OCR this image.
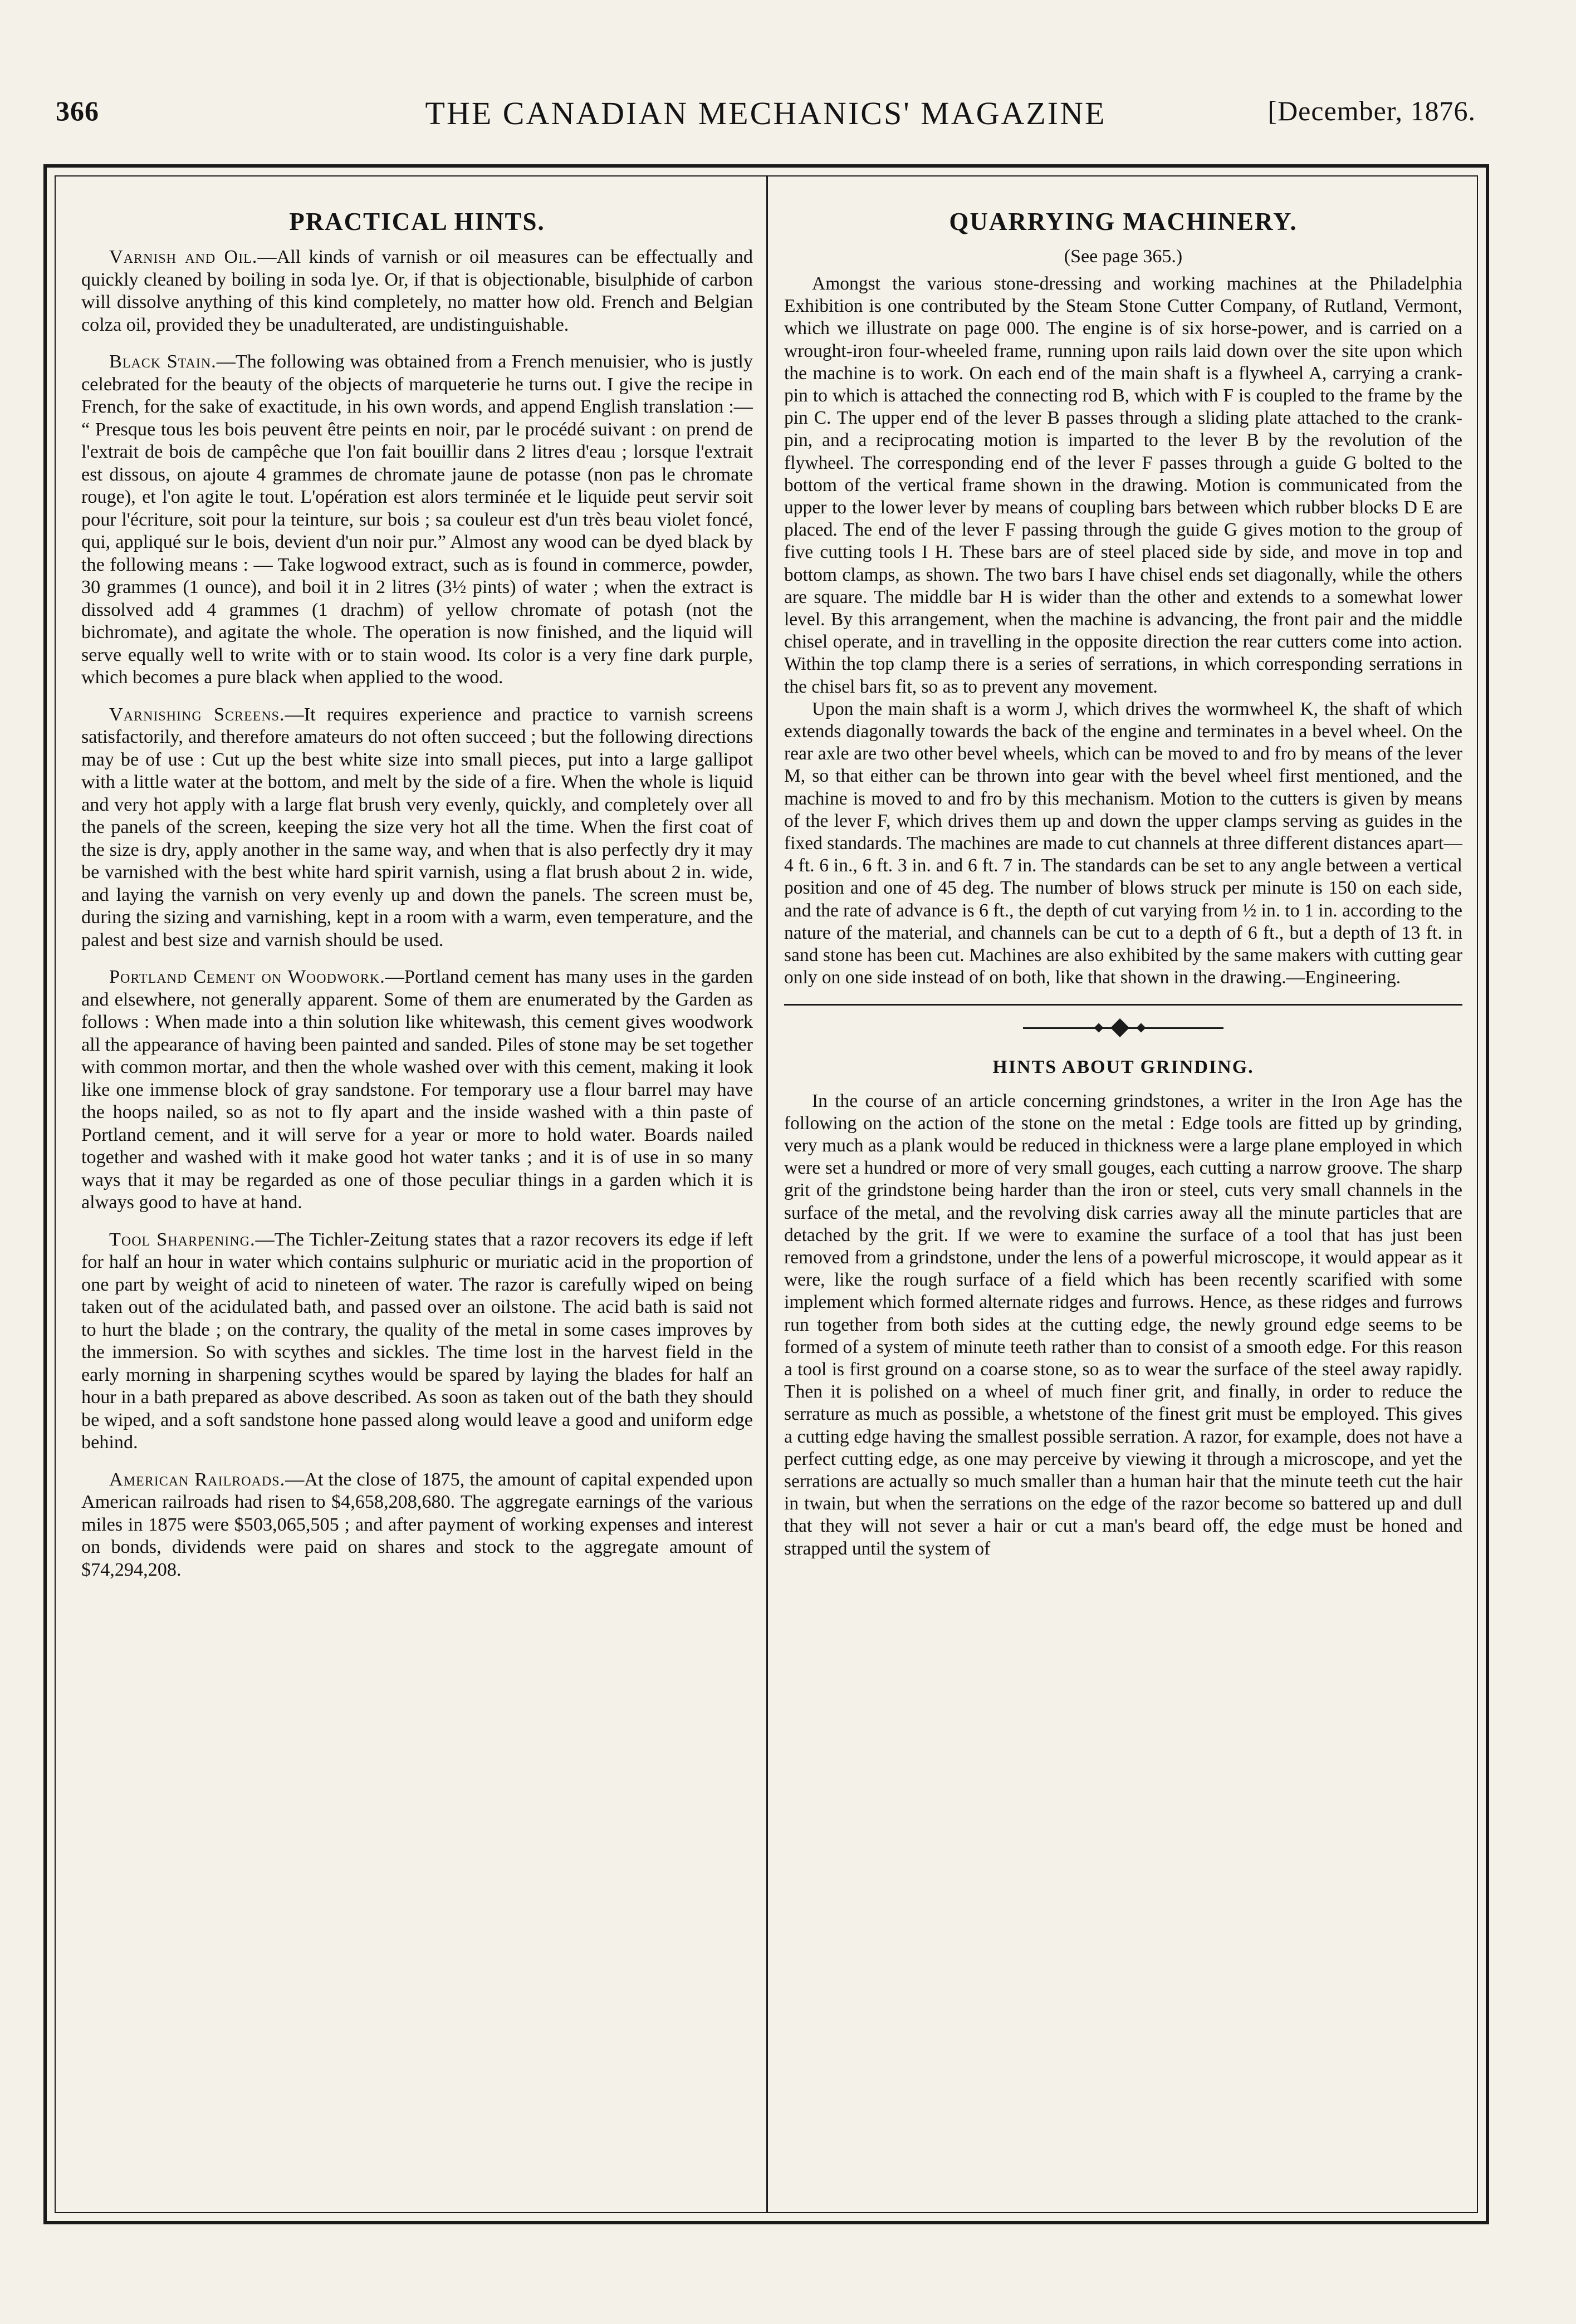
366	THE CANADIAN MECHANICS' MAGAZINE	[December, 1876.
PRACTICAL HINTS.

Varnish and Oil.—All kinds of varnish or oil measures can be effectually and quickly cleaned by boiling in soda lye. Or, if that is objectionable, bisulphide of carbon will dissolve anything of this kind completely, no matter how old. French and Belgian colza oil, provided they be unadulterated, are undistinguishable.

Black Stain.—The following was obtained from a French menuisier, who is justly celebrated for the beauty of the objects of marqueterie he turns out. I give the recipe in French, for the sake of exactitude, in his own words, and append English translation :— “ Presque tous les bois peuvent être peints en noir, par le procédé suivant : on prend de l'extrait de bois de campêche que l'on fait bouillir dans 2 litres d'eau ; lorsque l'extrait est dissous, on ajoute 4 grammes de chromate jaune de potasse (non pas le chromate rouge), et l'on agite le tout. L'opération est alors terminée et le liquide peut servir soit pour l'écriture, soit pour la teinture, sur bois ; sa couleur est d'un très beau violet foncé, qui, appliqué sur le bois, devient d'un noir pur.” Almost any wood can be dyed black by the following means : — Take logwood extract, such as is found in commerce, powder, 30 grammes (1 ounce), and boil it in 2 litres (3½ pints) of water ; when the extract is dissolved add 4 grammes (1 drachm) of yellow chromate of potash (not the bichromate), and agitate the whole. The operation is now finished, and the liquid will serve equally well to write with or to stain wood. Its color is a very fine dark purple, which becomes a pure black when applied to the wood.

Varnishing Screens.—It requires experience and practice to varnish screens satisfactorily, and therefore amateurs do not often succeed ; but the following directions may be of use : Cut up the best white size into small pieces, put into a large gallipot with a little water at the bottom, and melt by the side of a fire. When the whole is liquid and very hot apply with a large flat brush very evenly, quickly, and completely over all the panels of the screen, keeping the size very hot all the time. When the first coat of the size is dry, apply another in the same way, and when that is also perfectly dry it may be varnished with the best white hard spirit varnish, using a flat brush about 2 in. wide, and laying the varnish on very evenly up and down the panels. The screen must be, during the sizing and varnishing, kept in a room with a warm, even temperature, and the palest and best size and varnish should be used.

Portland Cement on Woodwork.—Portland cement has many uses in the garden and elsewhere, not generally apparent. Some of them are enumerated by the Garden as follows : When made into a thin solution like whitewash, this cement gives woodwork all the appearance of having been painted and sanded. Piles of stone may be set together with common mortar, and then the whole washed over with this cement, making it look like one immense block of gray sandstone. For temporary use a flour barrel may have the hoops nailed, so as not to fly apart and the inside washed with a thin paste of Portland cement, and it will serve for a year or more to hold water. Boards nailed together and washed with it make good hot water tanks ; and it is of use in so many ways that it may be regarded as one of those peculiar things in a garden which it is always good to have at hand.

Tool Sharpening.—The Tichler-Zeitung states that a razor recovers its edge if left for half an hour in water which contains sulphuric or muriatic acid in the proportion of one part by weight of acid to nineteen of water. The razor is carefully wiped on being taken out of the acidulated bath, and passed over an oilstone. The acid bath is said not to hurt the blade ; on the contrary, the quality of the metal in some cases improves by the immersion. So with scythes and sickles. The time lost in the harvest field in the early morning in sharpening scythes would be spared by laying the blades for half an hour in a bath prepared as above described. As soon as taken out of the bath they should be wiped, and a soft sandstone hone passed along would leave a good and uniform edge behind.

American Railroads.—At the close of 1875, the amount of capital expended upon American railroads had risen to $4,658,208,680. The aggregate earnings of the various miles in 1875 were $503,065,505 ; and after payment of working expenses and interest on bonds, dividends were paid on shares and stock to the aggregate amount of $74,294,208.

QUARRYING MACHINERY.
(See page 365.)

Amongst the various stone-dressing and working machines at the Philadelphia Exhibition is one contributed by the Steam Stone Cutter Company, of Rutland, Vermont, which we illustrate on page 000. The engine is of six horse-power, and is carried on a wrought-iron four-wheeled frame, running upon rails laid down over the site upon which the machine is to work. On each end of the main shaft is a flywheel A, carrying a crank-pin to which is attached the connecting rod B, which with F is coupled to the frame by the pin C. The upper end of the lever B passes through a sliding plate attached to the crank-pin, and a reciprocating motion is imparted to the lever B by the revolution of the flywheel. The corresponding end of the lever F passes through a guide G bolted to the bottom of the vertical frame shown in the drawing. Motion is communicated from the upper to the lower lever by means of coupling bars between which rubber blocks D E are placed. The end of the lever F passing through the guide G gives motion to the group of five cutting tools I H. These bars are of steel placed side by side, and move in top and bottom clamps, as shown. The two bars I have chisel ends set diagonally, while the others are square. The middle bar H is wider than the other and extends to a somewhat lower level. By this arrangement, when the machine is advancing, the front pair and the middle chisel operate, and in travelling in the opposite direction the rear cutters come into action. Within the top clamp there is a series of serrations, in which corresponding serrations in the chisel bars fit, so as to prevent any movement.

Upon the main shaft is a worm J, which drives the wormwheel K, the shaft of which extends diagonally towards the back of the engine and terminates in a bevel wheel. On the rear axle are two other bevel wheels, which can be moved to and fro by means of the lever M, so that either can be thrown into gear with the bevel wheel first mentioned, and the machine is moved to and fro by this mechanism. Motion to the cutters is given by means of the lever F, which drives them up and down the upper clamps serving as guides in the fixed standards. The machines are made to cut channels at three different distances apart—4 ft. 6 in., 6 ft. 3 in. and 6 ft. 7 in. The standards can be set to any angle between a vertical position and one of 45 deg. The number of blows struck per minute is 150 on each side, and the rate of advance is 6 ft., the depth of cut varying from ½ in. to 1 in. according to the nature of the material, and channels can be cut to a depth of 6 ft., but a depth of 13 ft. in sand stone has been cut. Machines are also exhibited by the same makers with cutting gear only on one side instead of on both, like that shown in the drawing.—Engineering.

HINTS ABOUT GRINDING.

In the course of an article concerning grindstones, a writer in the Iron Age has the following on the action of the stone on the metal : Edge tools are fitted up by grinding, very much as a plank would be reduced in thickness were a large plane employed in which were set a hundred or more of very small gouges, each cutting a narrow groove. The sharp grit of the grindstone being harder than the iron or steel, cuts very small channels in the surface of the metal, and the revolving disk carries away all the minute particles that are detached by the grit. If we were to examine the surface of a tool that has just been removed from a grindstone, under the lens of a powerful microscope, it would appear as it were, like the rough surface of a field which has been recently scarified with some implement which formed alternate ridges and furrows. Hence, as these ridges and furrows run together from both sides at the cutting edge, the newly ground edge seems to be formed of a system of minute teeth rather than to consist of a smooth edge. For this reason a tool is first ground on a coarse stone, so as to wear the surface of the steel away rapidly. Then it is polished on a wheel of much finer grit, and finally, in order to reduce the serrature as much as possible, a whetstone of the finest grit must be employed. This gives a cutting edge having the smallest possible serration. A razor, for example, does not have a perfect cutting edge, as one may perceive by viewing it through a microscope, and yet the serrations are actually so much smaller than a human hair that the minute teeth cut the hair in twain, but when the serrations on the edge of the razor become so battered up and dull that they will not sever a hair or cut a man's beard off, the edge must be honed and strapped until the system of
